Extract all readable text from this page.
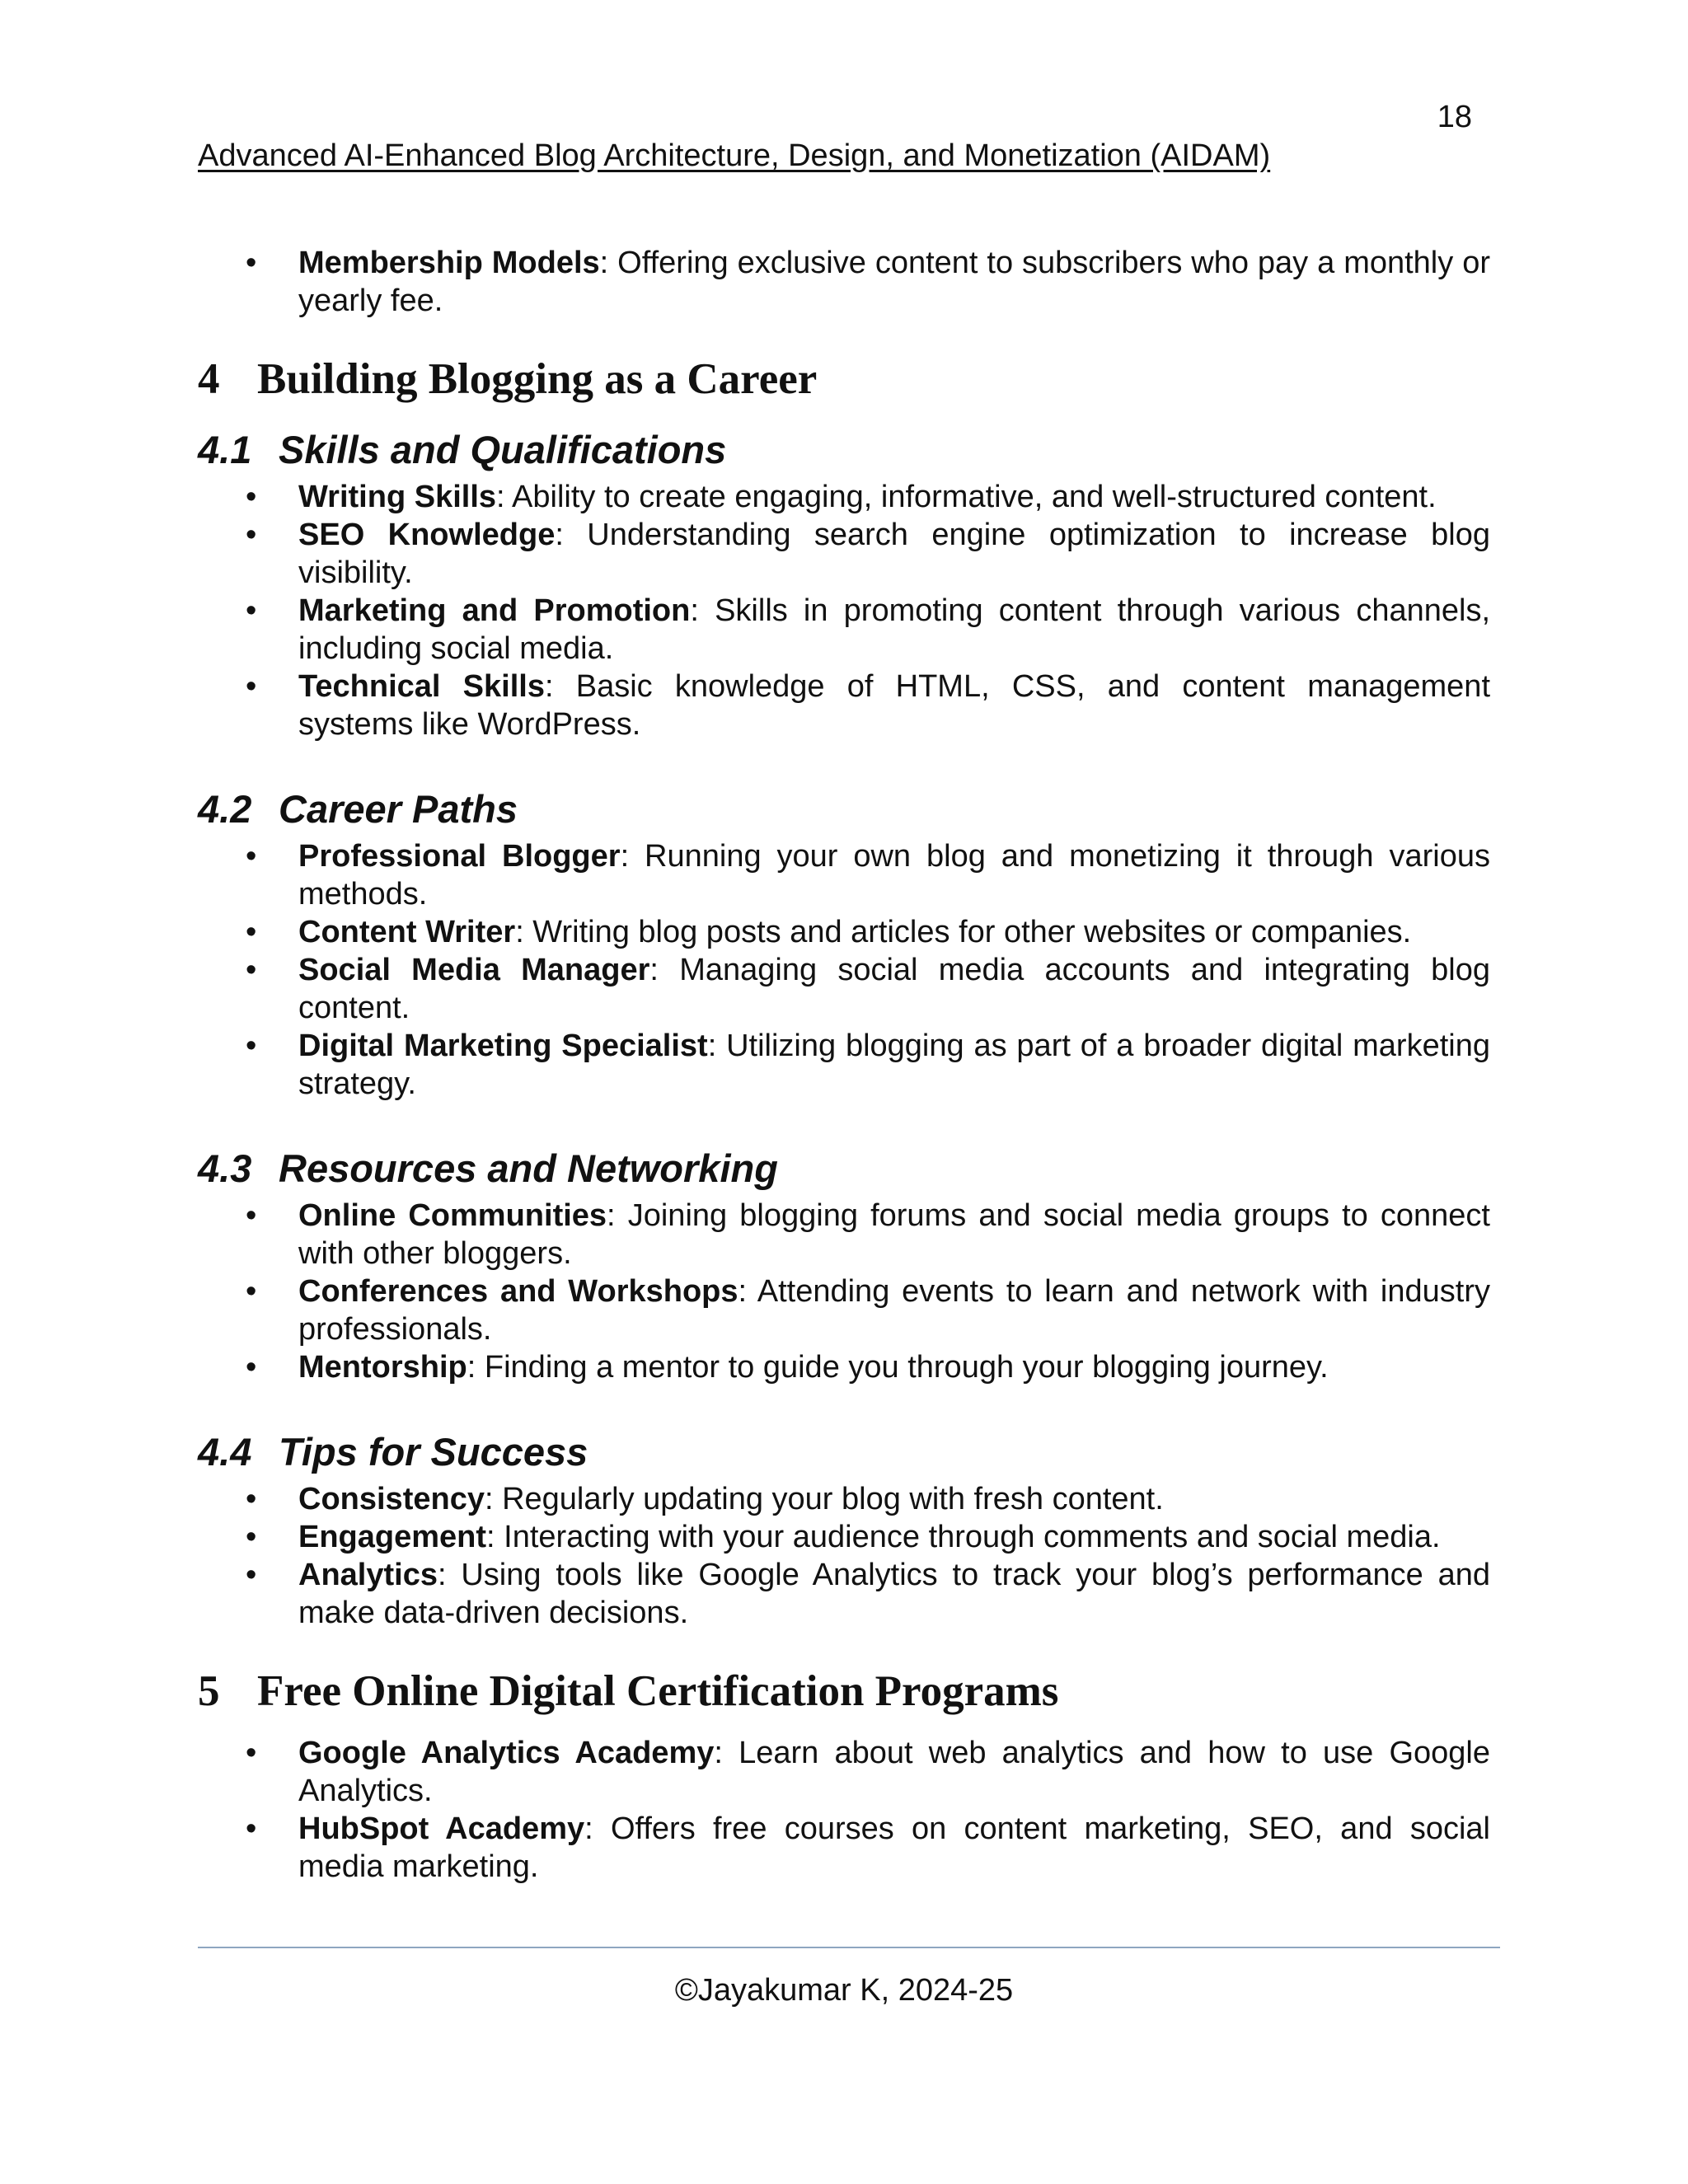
18
Advanced AI-Enhanced Blog Architecture, Design, and Monetization (AIDAM)
• Membership Models: Offering exclusive content to subscribers who pay a monthly or yearly fee.
4 Building Blogging as a Career
4.1 Skills and Qualifications
• Writing Skills: Ability to create engaging, informative, and well-structured content.
• SEO Knowledge: Understanding search engine optimization to increase blog visibility.
• Marketing and Promotion: Skills in promoting content through various channels, including social media.
• Technical Skills: Basic knowledge of HTML, CSS, and content management systems like WordPress.
4.2 Career Paths
• Professional Blogger: Running your own blog and monetizing it through various methods.
• Content Writer: Writing blog posts and articles for other websites or companies.
• Social Media Manager: Managing social media accounts and integrating blog content.
• Digital Marketing Specialist: Utilizing blogging as part of a broader digital marketing strategy.
4.3 Resources and Networking
• Online Communities: Joining blogging forums and social media groups to connect with other bloggers.
• Conferences and Workshops: Attending events to learn and network with industry professionals.
• Mentorship: Finding a mentor to guide you through your blogging journey.
4.4 Tips for Success
• Consistency: Regularly updating your blog with fresh content.
• Engagement: Interacting with your audience through comments and social media.
• Analytics: Using tools like Google Analytics to track your blog’s performance and make data-driven decisions.
5 Free Online Digital Certification Programs
• Google Analytics Academy: Learn about web analytics and how to use Google Analytics.
• HubSpot Academy: Offers free courses on content marketing, SEO, and social media marketing.
©Jayakumar K, 2024-25
